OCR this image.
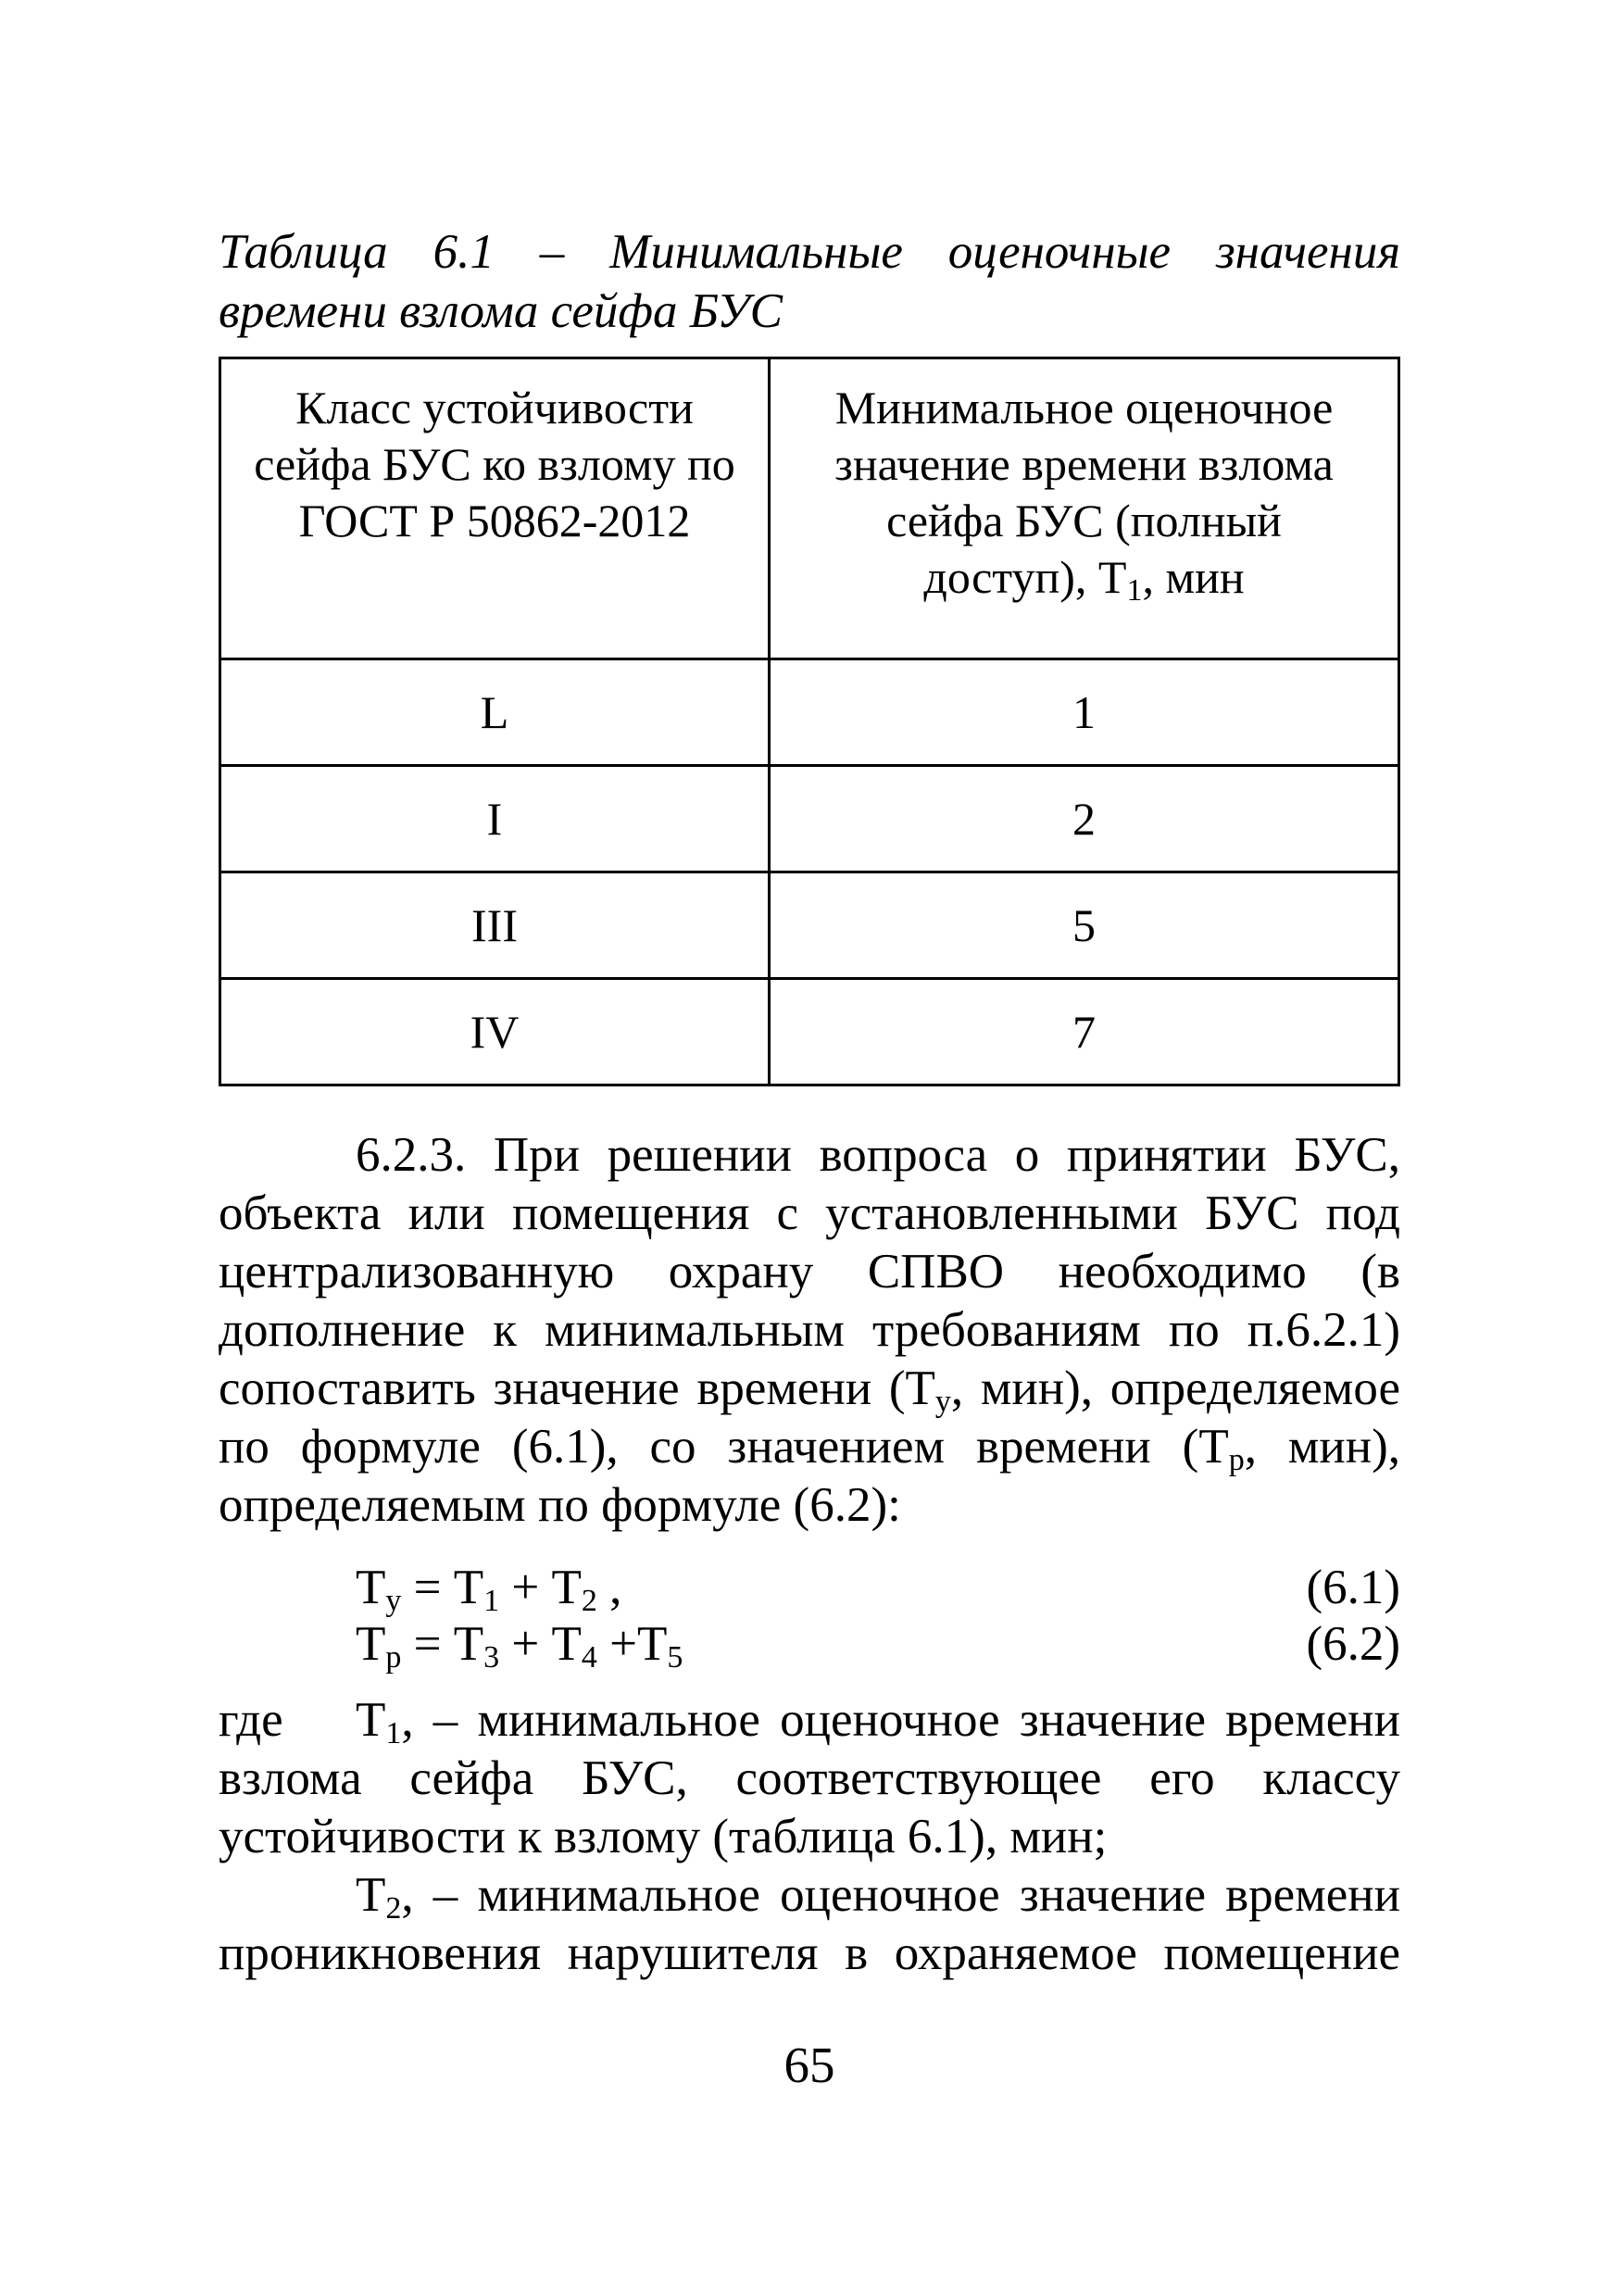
Таблица 6.1 – Минимальные оценочные значения времени взлома сейфа БУС
Класс устойчивости сейфа БУС ко взлому по ГОСТ Р 50862-2012	Минимальное оценочное значение времени взлома сейфа БУС (полный доступ), $Т_1$, мин

L	1
I	2
III	5
IV	7

6.2.3. При решении вопроса о принятии БУС, объекта или помещения с установленными БУС под централизованную охрану СПВО необходимо (в дополнение к минимальным требованиям по п.6.2.1) сопоставить значение времени ($Т_у$, мин), определяемое по формуле (6.1), со значением времени ($Т_р$, мин), определяемым по формуле (6.2):

$Т_у = Т_1 + Т_2$ ,	(6.1)
$Т_р = Т_3 + Т_4 +Т_5$	(6.2)

где $Т_1$, – минимальное оценочное значение времени взлома сейфа БУС, соответствующее его классу устойчивости к взлому (таблица 6.1), мин;

$Т_2$, – минимальное оценочное значение времени проникновения нарушителя в охраняемое помещение

65
